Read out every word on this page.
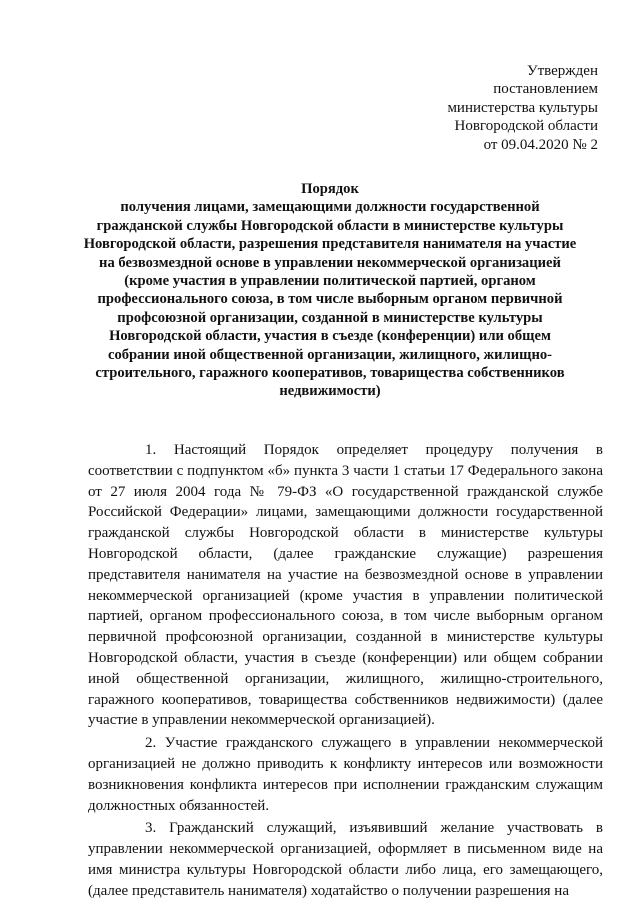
Утвержден
постановлением
министерства культуры
Новгородской области
от 09.04.2020 № 2
Порядок
получения лицами, замещающими должности государственной
гражданской службы Новгородской области в министерстве культуры
Новгородской области, разрешения представителя нанимателя на участие
на безвозмездной основе в управлении некоммерческой организацией
(кроме участия в управлении политической партией, органом
профессионального союза, в том числе выборным органом первичной
профсоюзной организации, созданной в министерстве культуры
Новгородской области, участия в съезде (конференции) или общем
собрании иной общественной организации, жилищного, жилищно-
строительного, гаражного кооперативов, товарищества собственников
недвижимости)

1. Настоящий Порядок определяет процедуру получения в соответствии с подпунктом «б» пункта 3 части 1 статьи 17 Федерального закона от 27 июля 2004 года № 79-ФЗ «О государственной гражданской службе Российской Федерации» лицами, замещающими должности государственной гражданской службы Новгородской области в министерстве культуры Новгородской области, (далее гражданские служащие) разрешения представителя нанимателя на участие на безвозмездной основе в управлении некоммерческой организацией (кроме участия в управлении политической партией, органом профессионального союза, в том числе выборным органом первичной профсоюзной организации, созданной в министерстве культуры Новгородской области, участия в съезде (конференции) или общем собрании иной общественной организации, жилищного, жилищно-строительного, гаражного кооперативов, товарищества собственников недвижимости) (далее участие в управлении некоммерческой организацией).

2. Участие гражданского служащего в управлении некоммерческой организацией не должно приводить к конфликту интересов или возможности возникновения конфликта интересов при исполнении гражданским служащим должностных обязанностей.

3. Гражданский служащий, изъявивший желание участвовать в управлении некоммерческой организацией, оформляет в письменном виде на имя министра культуры Новгородской области либо лица, его замещающего, (далее представитель нанимателя) ходатайство о получении разрешения на
